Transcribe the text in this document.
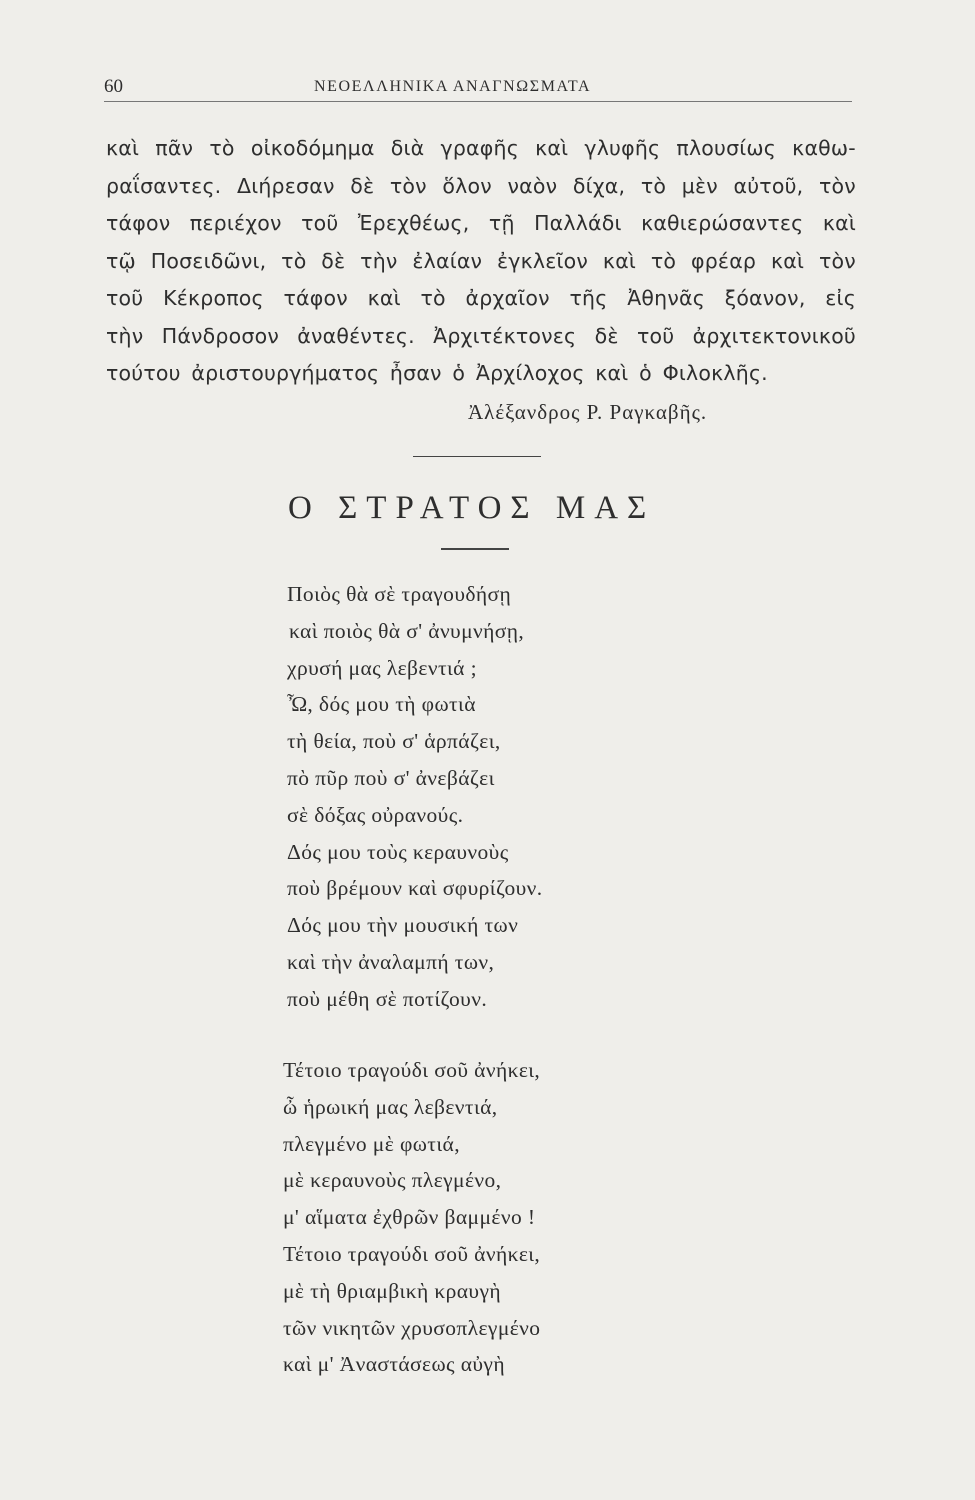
60	ΝΕΟΕΛΛΗΝΙΚΑ ΑΝΑΓΝΩΣΜΑΤΑ
καὶ πᾶν τὸ οἰκοδόμημα διὰ γραφῆς καὶ γλυφῆς πλουσίως καθω-
ραΐσαντες. Διήρεσαν δὲ τὸν ὅλον ναὸν δίχα, τὸ μὲν αὐτοῦ, τὸν
τάφον περιέχον τοῦ Ἐρεχθέως, τῇ Παλλάδι καθιερώσαντες καὶ
τῷ Ποσειδῶνι, τὸ δὲ τὴν ἐλαίαν ἐγκλεῖον καὶ τὸ φρέαρ καὶ τὸν
τοῦ Κέκροπος τάφον καὶ τὸ ἀρχαῖον τῆς Ἀθηνᾶς ξόανον, εἰς
τὴν Πάνδροσον ἀναθέντες. Ἀρχιτέκτονες δὲ τοῦ ἀρχιτεκτονικοῦ
τούτου ἀριστουργήματος ἦσαν ὁ Ἀρχίλοχος καὶ ὁ Φιλοκλῆς.
Ἀλέξανδρος Ρ. Ραγκαβῆς.
Ο ΣΤΡΑΤΟΣ ΜΑΣ
Ποιὸς θὰ σὲ τραγουδήσῃ
καὶ ποιὸς θὰ σ' ἀνυμνήσῃ,
χρυσή μας λεβεντιά ;
Ὦ, δός μου τὴ φωτιὰ
τὴ θεία, ποὺ σ' ἁρπάζει,
πὸ πῦρ ποὺ σ' ἀνεβάζει
σὲ δόξας οὐρανούς.
Δός μου τοὺς κεραυνοὺς
ποὺ βρέμουν καὶ σφυρίζουν.
Δός μου τὴν μουσική των
καὶ τὴν ἀναλαμπή των,
ποὺ μέθη σὲ ποτίζουν.
Τέτοιο τραγούδι σοῦ ἀνήκει,
ὦ ἡρωική μας λεβεντιά,
πλεγμένο μὲ φωτιά,
μὲ κεραυνοὺς πλεγμένο,
μ' αἵματα ἐχθρῶν βαμμένο !
Τέτοιο τραγούδι σοῦ ἀνήκει,
μὲ τὴ θριαμβικὴ κραυγὴ
τῶν νικητῶν χρυσοπλεγμένο
καὶ μ' Ἀναστάσεως αὐγὴ
